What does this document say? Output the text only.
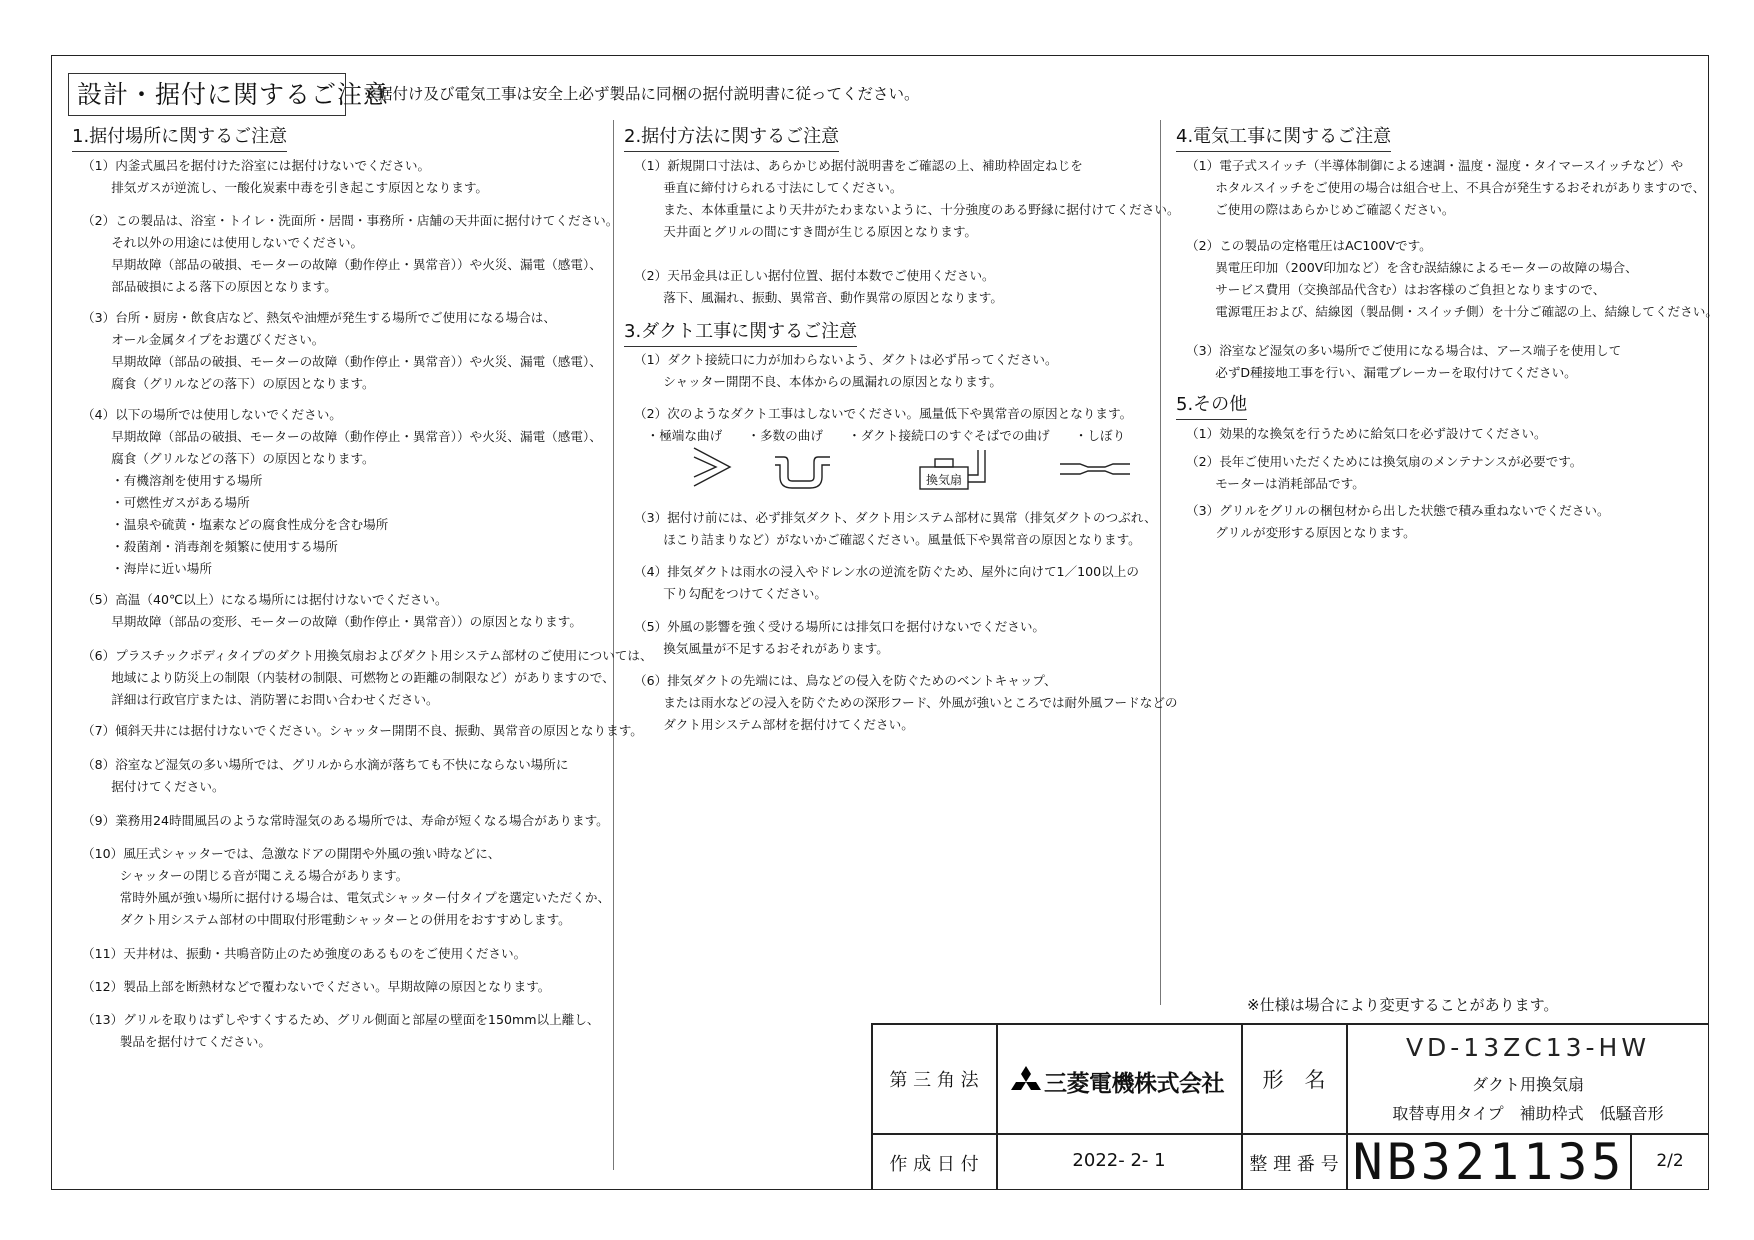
設計・据付に関するご注意
※据付け及び電気工事は安全上必ず製品に同梱の据付説明書に従ってください。
1.据付場所に関するご注意
（1）内釜式風呂を据付けた浴室には据付けないでください。
　　 排気ガスが逆流し、一酸化炭素中毒を引き起こす原因となります。
（2）この製品は、浴室・トイレ・洗面所・居間・事務所・店舗の天井面に据付けてください。
　　 それ以外の用途には使用しないでください。
　　 早期故障（部品の破損、モーターの故障（動作停止・異常音））や火災、漏電（感電）、
　　 部品破損による落下の原因となります。
（3）台所・厨房・飲食店など、熱気や油煙が発生する場所でご使用になる場合は、
　　 オール金属タイプをお選びください。
　　 早期故障（部品の破損、モーターの故障（動作停止・異常音））や火災、漏電（感電）、
　　 腐食（グリルなどの落下）の原因となります。
（4）以下の場所では使用しないでください。
　　 早期故障（部品の破損、モーターの故障（動作停止・異常音））や火災、漏電（感電）、
　　 腐食（グリルなどの落下）の原因となります。
　　 ・有機溶剤を使用する場所
　　 ・可燃性ガスがある場所
　　 ・温泉や硫黄・塩素などの腐食性成分を含む場所
　　 ・殺菌剤・消毒剤を頻繁に使用する場所
　　 ・海岸に近い場所
（5）高温（40℃以上）になる場所には据付けないでください。
　　 早期故障（部品の変形、モーターの故障（動作停止・異常音））の原因となります。
（6）プラスチックボディタイプのダクト用換気扇およびダクト用システム部材のご使用については、
　　 地域により防災上の制限（内装材の制限、可燃物との距離の制限など）がありますので、
　　 詳細は行政官庁または、消防署にお問い合わせください。
（7）傾斜天井には据付けないでください。シャッター開閉不良、振動、異常音の原因となります。
（8）浴室など湿気の多い場所では、グリルから水滴が落ちても不快にならない場所に
　　 据付けてください。
（9）業務用24時間風呂のような常時湿気のある場所では、寿命が短くなる場合があります。
（10）風圧式シャッターでは、急激なドアの開閉や外風の強い時などに、
　　　シャッターの閉じる音が聞こえる場合があります。
　　　常時外風が強い場所に据付ける場合は、電気式シャッター付タイプを選定いただくか、
　　　ダクト用システム部材の中間取付形電動シャッターとの併用をおすすめします。
（11）天井材は、振動・共鳴音防止のため強度のあるものをご使用ください。
（12）製品上部を断熱材などで覆わないでください。早期故障の原因となります。
（13）グリルを取りはずしやすくするため、グリル側面と部屋の壁面を150mm以上離し、
　　　製品を据付けてください。
2.据付方法に関するご注意
（1）新規開口寸法は、あらかじめ据付説明書をご確認の上、補助枠固定ねじを
　　 垂直に締付けられる寸法にしてください。
　　 また、本体重量により天井がたわまないように、十分強度のある野縁に据付けてください。
　　 天井面とグリルの間にすき間が生じる原因となります。
（2）天吊金具は正しい据付位置、据付本数でご使用ください。
　　 落下、風漏れ、振動、異常音、動作異常の原因となります。
3.ダクト工事に関するご注意
（1）ダクト接続口に力が加わらないよう、ダクトは必ず吊ってください。
　　 シャッター開閉不良、本体からの風漏れの原因となります。
（2）次のようなダクト工事はしないでください。風量低下や異常音の原因となります。
　・極端な曲げ　　・多数の曲げ　　・ダクト接続口のすぐそばでの曲げ　　・しぼり
（3）据付け前には、必ず排気ダクト、ダクト用システム部材に異常（排気ダクトのつぶれ、
　　 ほこり詰まりなど）がないかご確認ください。風量低下や異常音の原因となります。
（4）排気ダクトは雨水の浸入やドレン水の逆流を防ぐため、屋外に向けて1／100以上の
　　 下り勾配をつけてください。
（5）外風の影響を強く受ける場所には排気口を据付けないでください。
　　 換気風量が不足するおそれがあります。
（6）排気ダクトの先端には、鳥などの侵入を防ぐためのベントキャップ、
　　 または雨水などの浸入を防ぐための深形フード、外風が強いところでは耐外風フードなどの
　　 ダクト用システム部材を据付けてください。
4.電気工事に関するご注意
（1）電子式スイッチ（半導体制御による速調・温度・湿度・タイマースイッチなど）や
　　 ホタルスイッチをご使用の場合は組合せ上、不具合が発生するおそれがありますので、
　　 ご使用の際はあらかじめご確認ください。
（2）この製品の定格電圧はAC100Vです。
　　 異電圧印加（200V印加など）を含む誤結線によるモーターの故障の場合、
　　 サービス費用（交換部品代含む）はお客様のご負担となりますので、
　　 電源電圧および、結線図（製品側・スイッチ側）を十分ご確認の上、結線してください。
（3）浴室など湿気の多い場所でご使用になる場合は、アース端子を使用して
　　 必ずD種接地工事を行い、漏電ブレーカーを取付けてください。
5.その他
（1）効果的な換気を行うために給気口を必ず設けてください。
（2）長年ご使用いただくためには換気扇のメンテナンスが必要です。
　　 モーターは消耗部品です。
（3）グリルをグリルの梱包材から出した状態で積み重ねないでください。
　　 グリルが変形する原因となります。
換気扇
※仕様は場合により変更することがあります。
第 三 角 法	三菱電機株式会社	形　名
VD-13ZC13-HW
ダクト用換気扇
取替専用タイプ　補助枠式　低騒音形
作 成 日 付	2022- 2- 1	整 理 番 号 NB321135	2/2
